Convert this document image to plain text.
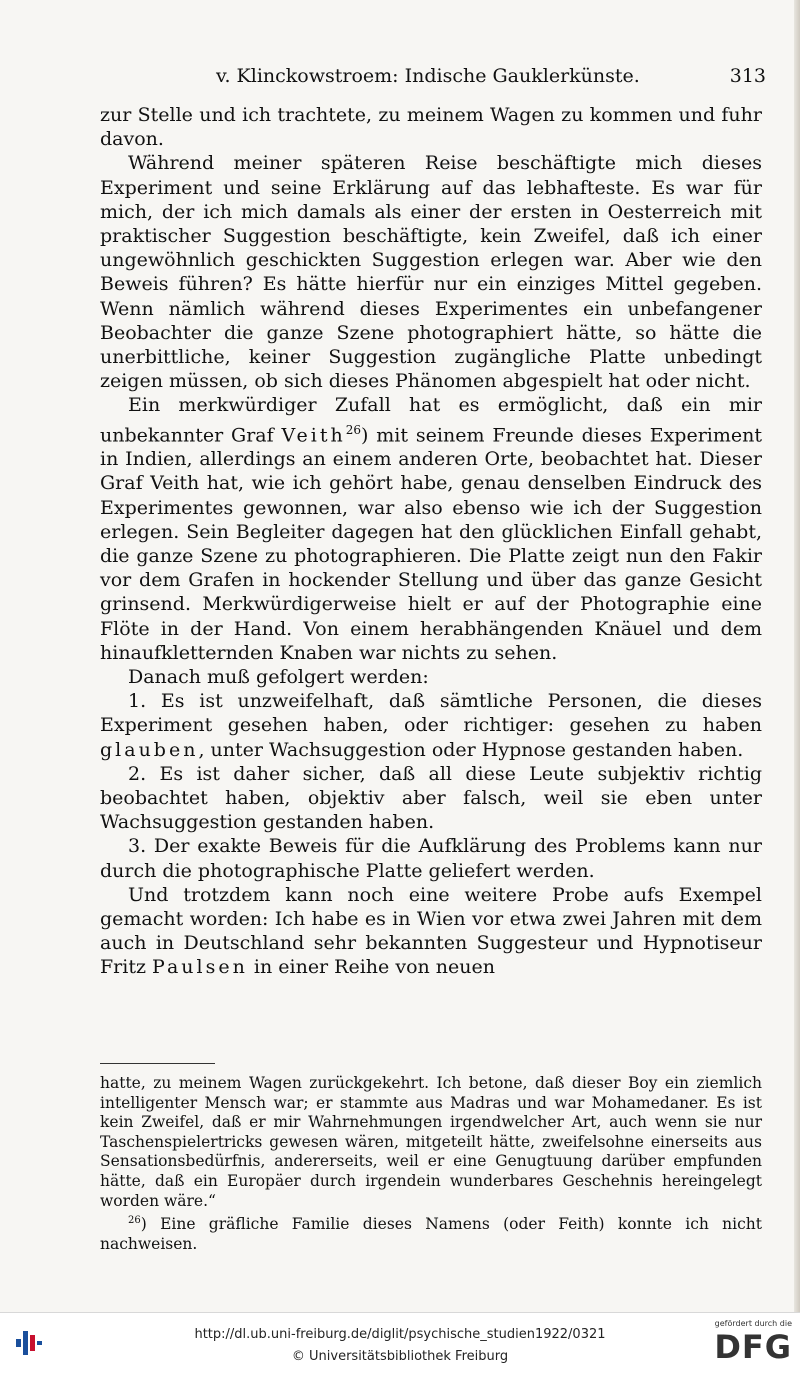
v. Klinckowstroem: Indische Gauklerkünste.	313

zur Stelle und ich trachtete, zu meinem Wagen zu kommen und fuhr davon.

Während meiner späteren Reise beschäftigte mich dieses Experiment und seine Erklärung auf das lebhafteste. Es war für mich, der ich mich damals als einer der ersten in Oesterreich mit praktischer Suggestion beschäftigte, kein Zweifel, daß ich einer ungewöhnlich geschickten Suggestion erlegen war. Aber wie den Beweis führen? Es hätte hierfür nur ein einziges Mittel gegeben. Wenn nämlich während dieses Experimentes ein unbefangener Beobachter die ganze Szene photographiert hätte, so hätte die unerbittliche, keiner Suggestion zugängliche Platte unbedingt zeigen müssen, ob sich dieses Phänomen abgespielt hat oder nicht.

Ein merkwürdiger Zufall hat es ermöglicht, daß ein mir unbekannter Graf Veith$^{26}$) mit seinem Freunde dieses Experiment in Indien, allerdings an einem anderen Orte, beobachtet hat. Dieser Graf Veith hat, wie ich gehört habe, genau denselben Eindruck des Experimentes gewonnen, war also ebenso wie ich der Suggestion erlegen. Sein Begleiter dagegen hat den glücklichen Einfall gehabt, die ganze Szene zu photographieren. Die Platte zeigt nun den Fakir vor dem Grafen in hockender Stellung und über das ganze Gesicht grinsend. Merkwürdigerweise hielt er auf der Photographie eine Flöte in der Hand. Von einem herabhängenden Knäuel und dem hinaufkletternden Knaben war nichts zu sehen.

Danach muß gefolgert werden:

1. Es ist unzweifelhaft, daß sämtliche Personen, die dieses Experiment gesehen haben, oder richtiger: gesehen zu haben glauben, unter Wachsuggestion oder Hypnose gestanden haben.

2. Es ist daher sicher, daß all diese Leute subjektiv richtig beobachtet haben, objektiv aber falsch, weil sie eben unter Wachsuggestion gestanden haben.

3. Der exakte Beweis für die Aufklärung des Problems kann nur durch die photographische Platte geliefert werden.

Und trotzdem kann noch eine weitere Probe aufs Exempel gemacht worden: Ich habe es in Wien vor etwa zwei Jahren mit dem auch in Deutschland sehr bekannten Suggesteur und Hypnotiseur Fritz Paulsen in einer Reihe von neuen

hatte, zu meinem Wagen zurückgekehrt. Ich betone, daß dieser Boy ein ziemlich intelligenter Mensch war; er stammte aus Madras und war Mohamedaner. Es ist kein Zweifel, daß er mir Wahrnehmungen irgendwelcher Art, auch wenn sie nur Taschenspielertricks gewesen wären, mitgeteilt hätte, zweifelsohne einerseits aus Sensationsbedürfnis, andererseits, weil er eine Genugtuung darüber empfunden hätte, daß ein Europäer durch irgendein wunderbares Geschehnis hereingelegt worden wäre.“

$^{26}$) Eine gräfliche Familie dieses Namens (oder Feith) konnte ich nicht nachweisen.

http://dl.ub.uni-freiburg.de/diglit/psychische_studien1922/0321
© Universitätsbibliothek Freiburg
gefördert durch die
DFG
